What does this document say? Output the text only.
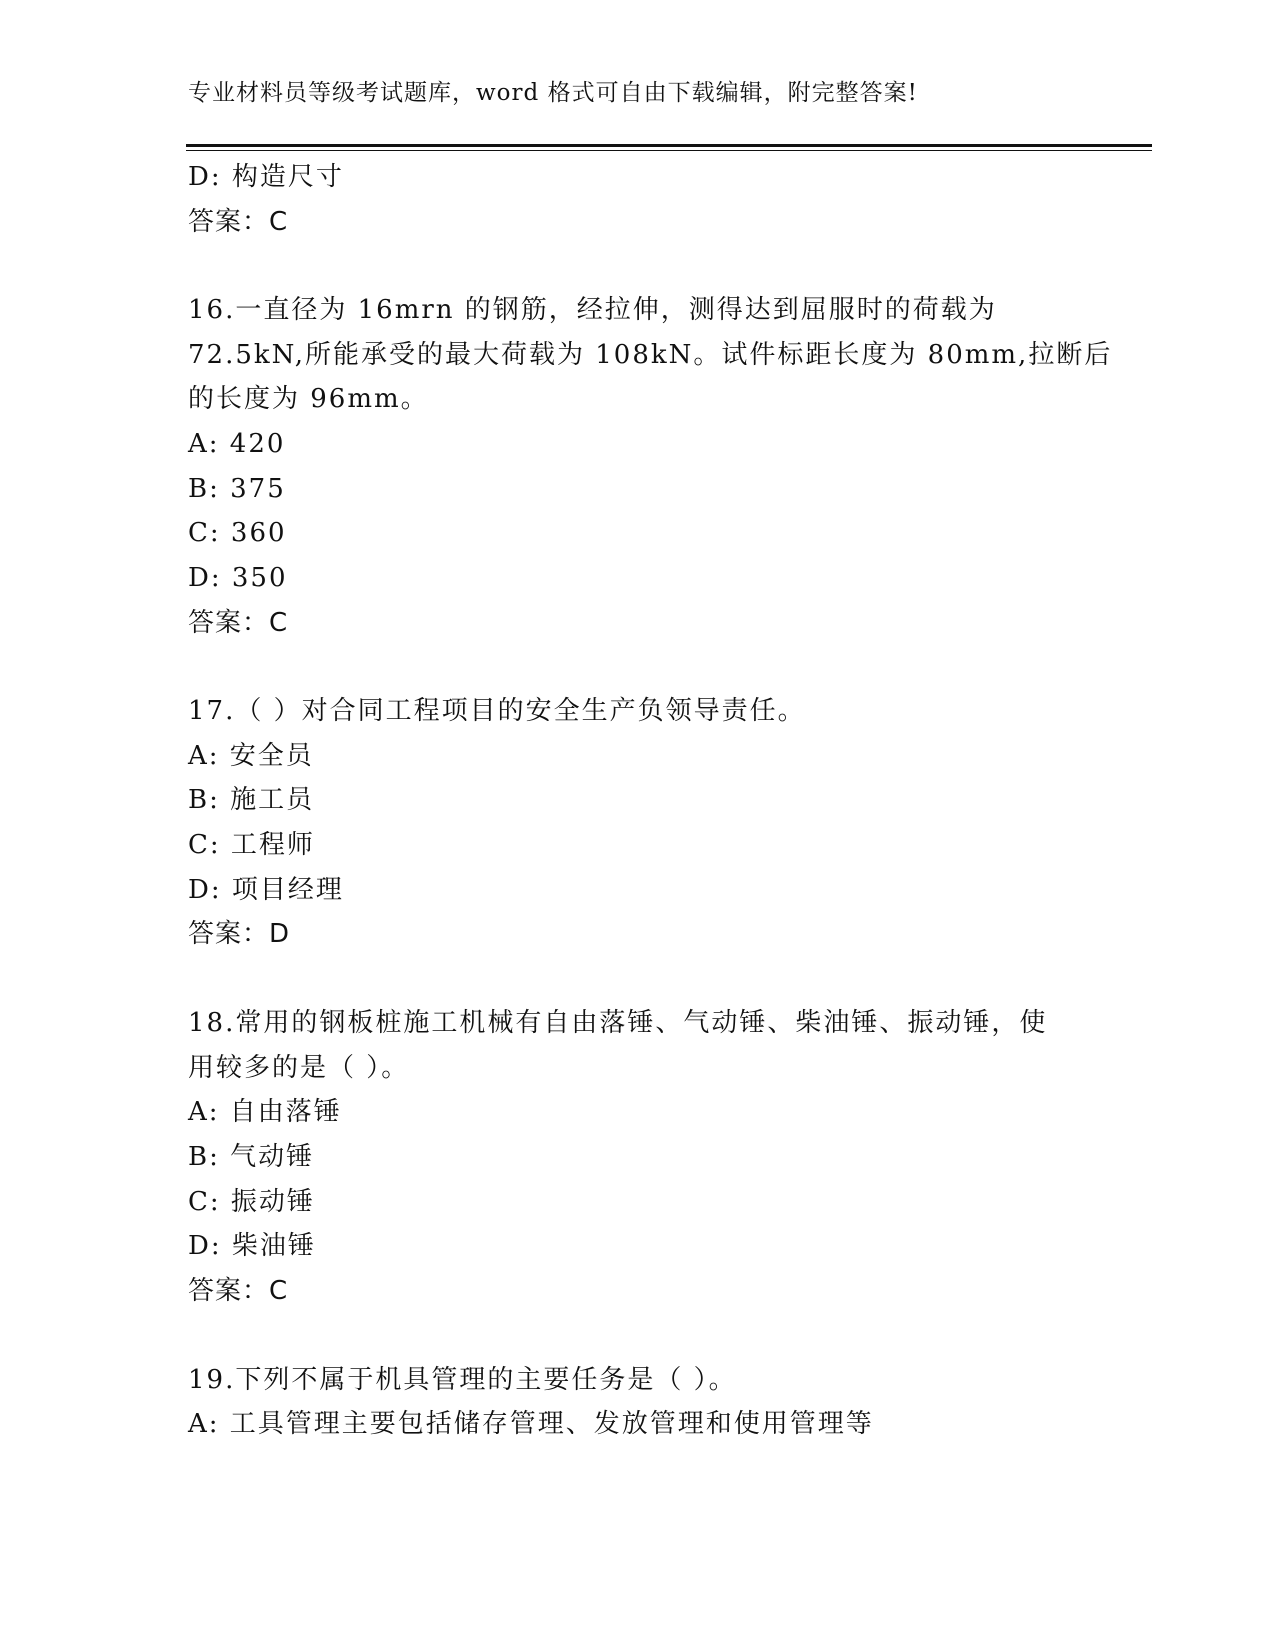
专业材料员等级考试题库，word 格式可自由下载编辑，附完整答案!
D: 构造尺寸
答案：C
16.一直径为 16mrn 的钢筋，经拉伸，测得达到屈服时的荷载为
72.5kN,所能承受的最大荷载为 108kN。试件标距长度为 80mm,拉断后
的长度为 96mm。
A: 420
B: 375
C: 360
D: 350
答案：C
17.（ ）对合同工程项目的安全生产负领导责任。
A: 安全员
B: 施工员
C: 工程师
D: 项目经理
答案：D
18.常用的钢板桩施工机械有自由落锤、气动锤、柴油锤、振动锤，使
用较多的是（ ）。
A: 自由落锤
B: 气动锤
C: 振动锤
D: 柴油锤
答案：C
19.下列不属于机具管理的主要任务是（ ）。
A: 工具管理主要包括储存管理、发放管理和使用管理等
